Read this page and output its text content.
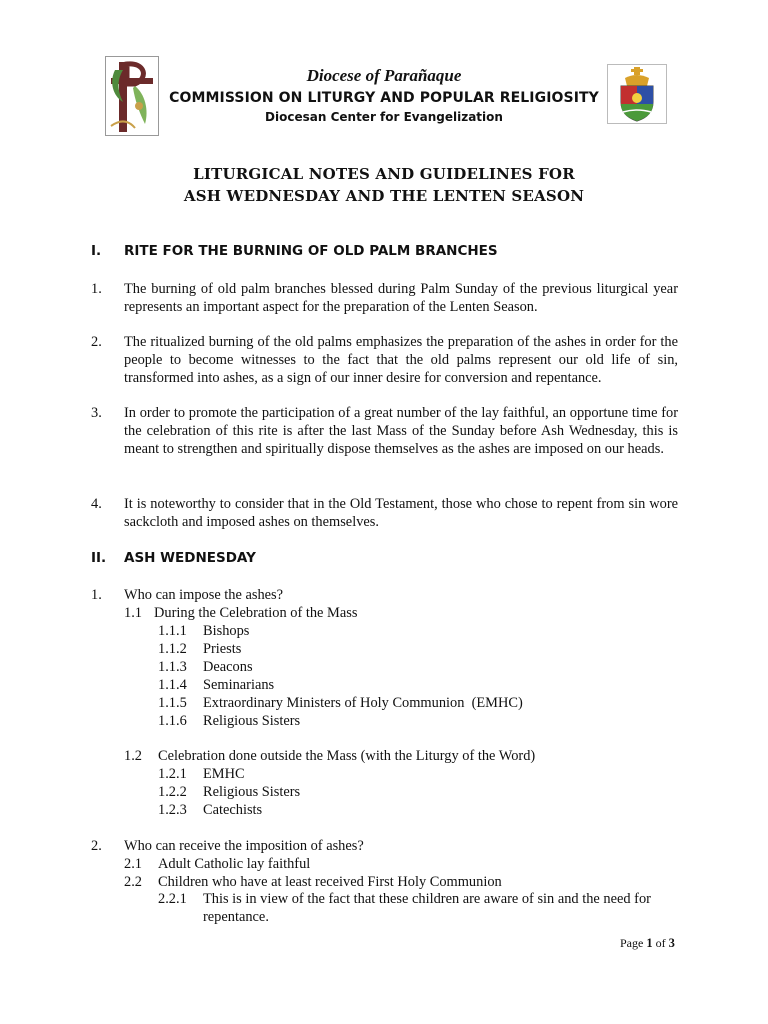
Diocese of Parañaque
COMMISSION ON LITURGY AND POPULAR RELIGIOSITY
Diocesan Center for Evangelization
LITURGICAL NOTES AND GUIDELINES FOR
ASH WEDNESDAY AND THE LENTEN SEASON
I. RITE FOR THE BURNING OF OLD PALM BRANCHES
1. The burning of old palm branches blessed during Palm Sunday of the previous liturgical year represents an important aspect for the preparation of the Lenten Season.
2. The ritualized burning of the old palms emphasizes the preparation of the ashes in order for the people to become witnesses to the fact that the old palms represent our old life of sin, transformed into ashes, as a sign of our inner desire for conversion and repentance.
3. In order to promote the participation of a great number of the lay faithful, an opportune time for the celebration of this rite is after the last Mass of the Sunday before Ash Wednesday, this is meant to strengthen and spiritually dispose themselves as the ashes are imposed on our heads.
4. It is noteworthy to consider that in the Old Testament, those who chose to repent from sin wore sackcloth and imposed ashes on themselves.
II. ASH WEDNESDAY
1. Who can impose the ashes?
1.1 During the Celebration of the Mass
1.1.1 Bishops
1.1.2 Priests
1.1.3 Deacons
1.1.4 Seminarians
1.1.5 Extraordinary Ministers of Holy Communion  (EMHC)
1.1.6 Religious Sisters
1.2 Celebration done outside the Mass (with the Liturgy of the Word)
1.2.1 EMHC
1.2.2 Religious Sisters
1.2.3 Catechists
2. Who can receive the imposition of ashes?
2.1 Adult Catholic lay faithful
2.2 Children who have at least received First Holy Communion
2.2.1 This is in view of the fact that these children are aware of sin and the need for repentance.
Page 1 of 3
